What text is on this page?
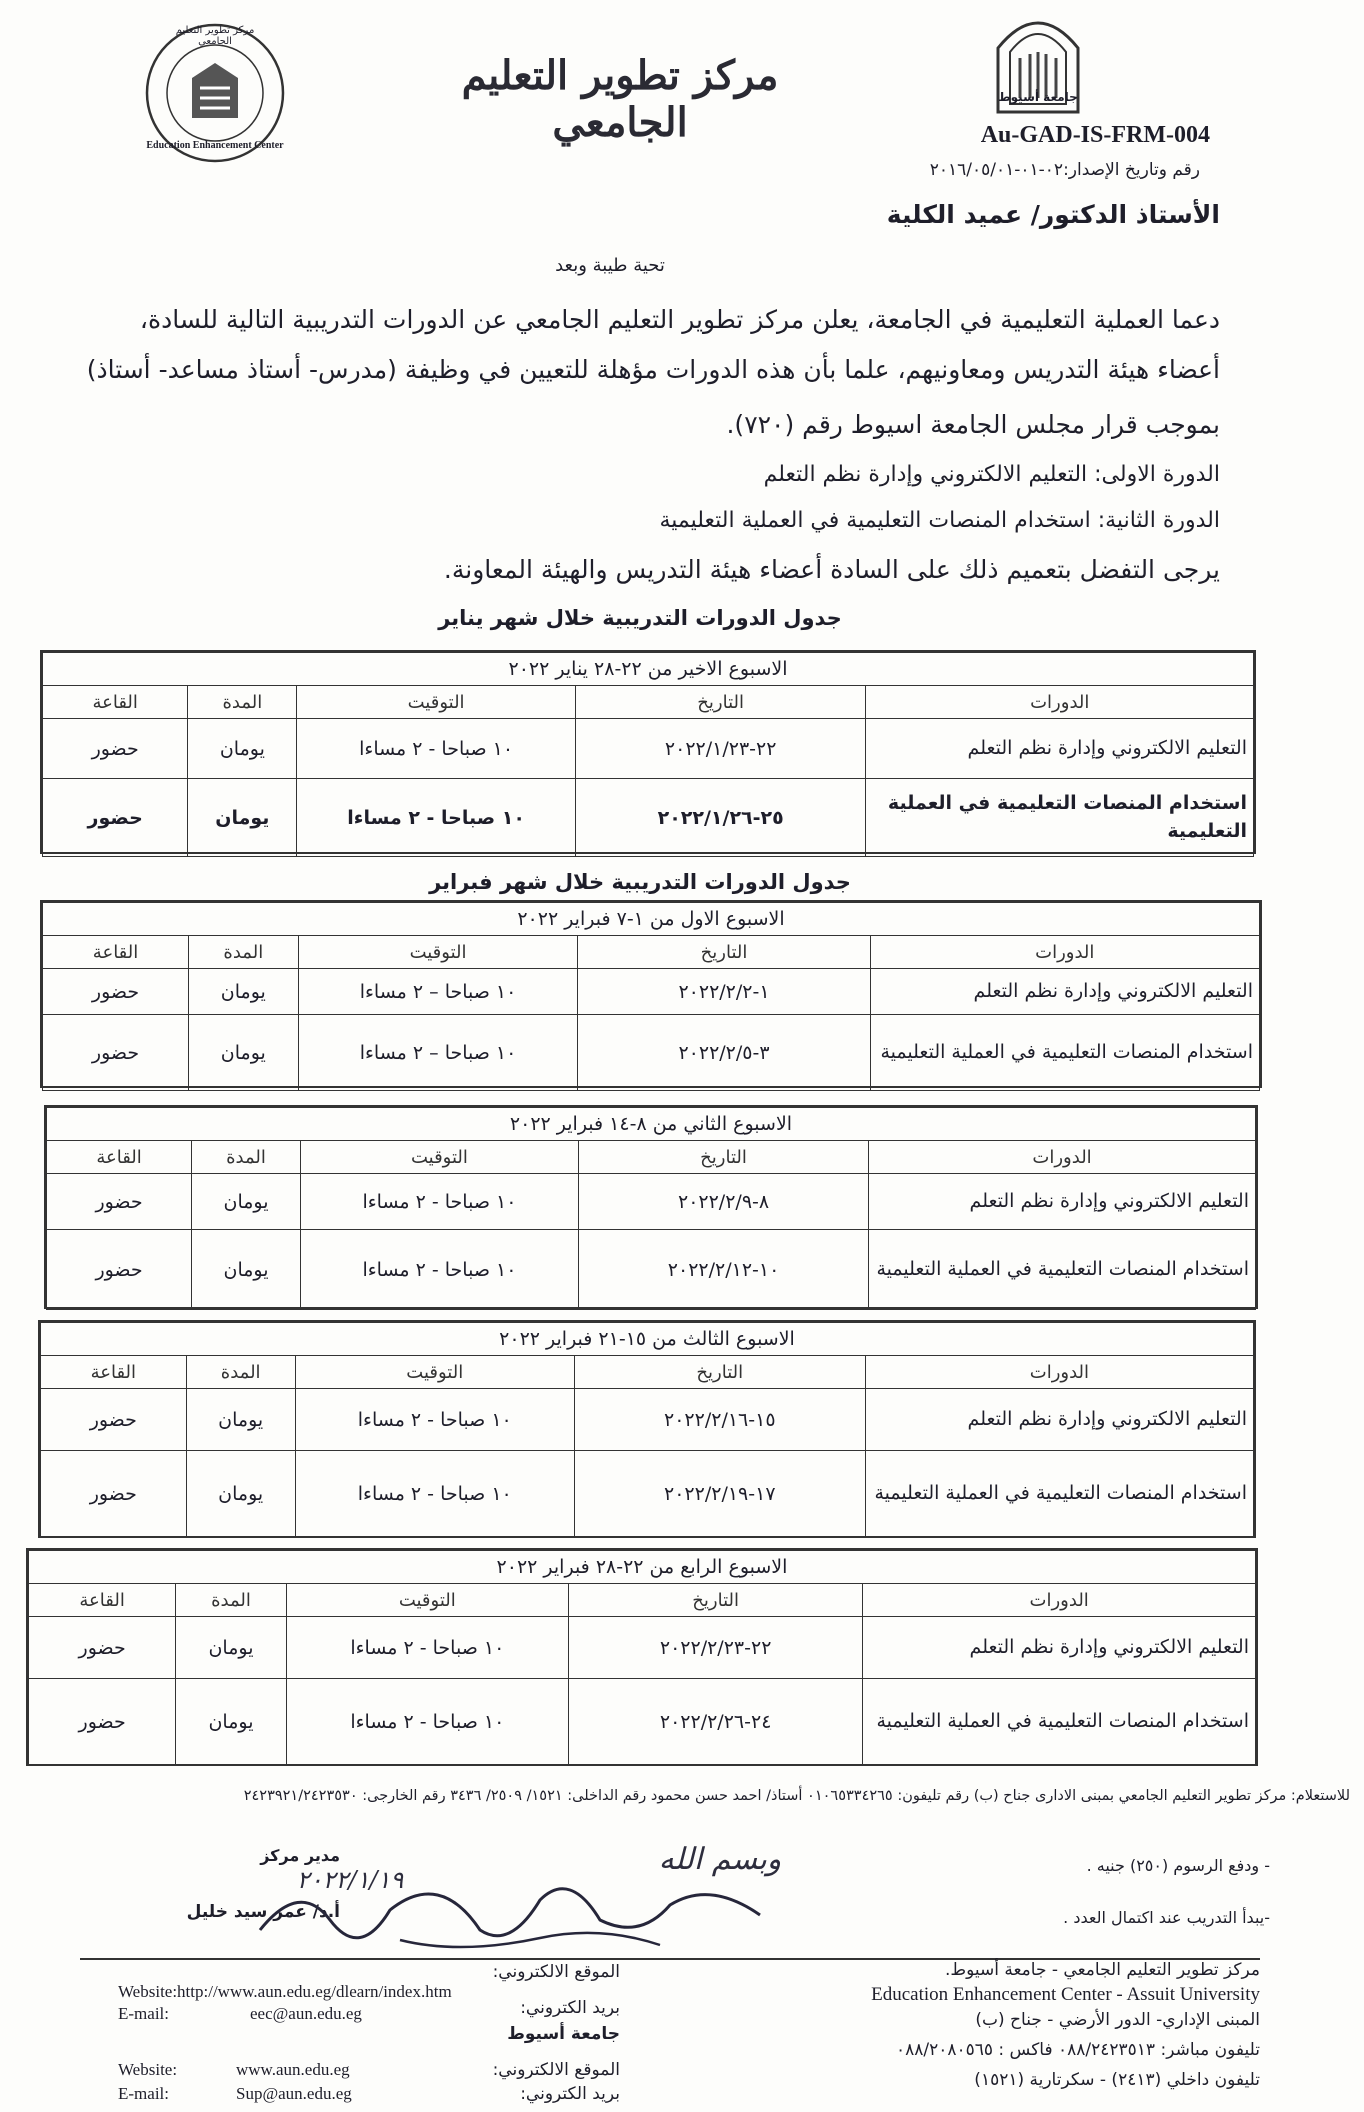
مركز تطوير التعليم الجامعي
Education Enhancement Center
جامعة أسيوط
مركز تطوير التعليم الجامعي	Au-GAD-IS-FRM-004
رقم وتاريخ الإصدار:٠٢-٠١-٢٠١٦/٠٥/٠١
الأستاذ الدكتور/ عميد الكلية
تحية طيبة وبعد
دعما العملية التعليمية في الجامعة، يعلن مركز تطوير التعليم الجامعي عن الدورات التدريبية التالية للسادة،
أعضاء هيئة التدريس ومعاونيهم، علما بأن هذه الدورات مؤهلة للتعيين في وظيفة (مدرس- أستاذ مساعد- أستاذ)
بموجب قرار مجلس الجامعة اسيوط رقم (٧٢٠).
الدورة الاولى: التعليم الالكتروني وإدارة نظم التعلم
الدورة الثانية: استخدام المنصات التعليمية في العملية التعليمية
يرجى التفضل بتعميم ذلك على السادة أعضاء هيئة التدريس والهيئة المعاونة.
جدول الدورات التدريبية خلال شهر يناير
الاسبوع الاخير من ٢٢-٢٨ يناير ٢٠٢٢				
الدورات	التاريخ	التوقيت	المدة	القاعة
التعليم الالكتروني وإدارة نظم التعلم	٢٢-٢٠٢٢/١/٢٣	١٠ صباحا - ٢ مساءا	يومان	حضور
استخدام المنصات التعليمية في العملية التعليمية	٢٥-٢٠٢٢/١/٢٦	١٠ صباحا - ٢ مساءا	يومان	حضور
جدول الدورات التدريبية خلال شهر فبراير
الاسبوع الاول من ١-٧ فبراير ٢٠٢٢				
الدورات	التاريخ	التوقيت	المدة	القاعة
التعليم الالكتروني وإدارة نظم التعلم	١-٢٠٢٢/٢/٢	١٠ صباحا – ٢ مساءا	يومان	حضور
استخدام المنصات التعليمية في العملية التعليمية	٣-٢٠٢٢/٢/٥	١٠ صباحا – ٢ مساءا	يومان	حضور
الاسبوع الثاني من ٨-١٤ فبراير ٢٠٢٢				
الدورات	التاريخ	التوقيت	المدة	القاعة
التعليم الالكتروني وإدارة نظم التعلم	٨-٢٠٢٢/٢/٩	١٠ صباحا - ٢ مساءا	يومان	حضور
استخدام المنصات التعليمية في العملية التعليمية	١٠-٢٠٢٢/٢/١٢	١٠ صباحا - ٢ مساءا	يومان	حضور
الاسبوع الثالث من ١٥-٢١ فبراير ٢٠٢٢				
الدورات	التاريخ	التوقيت	المدة	القاعة
التعليم الالكتروني وإدارة نظم التعلم	١٥-٢٠٢٢/٢/١٦	١٠ صباحا - ٢ مساءا	يومان	حضور
استخدام المنصات التعليمية في العملية التعليمية	١٧-٢٠٢٢/٢/١٩	١٠ صباحا - ٢ مساءا	يومان	حضور
الاسبوع الرابع من ٢٢-٢٨ فبراير ٢٠٢٢				
الدورات	التاريخ	التوقيت	المدة	القاعة
التعليم الالكتروني وإدارة نظم التعلم	٢٢-٢٠٢٢/٢/٢٣	١٠ صباحا - ٢ مساءا	يومان	حضور
استخدام المنصات التعليمية في العملية التعليمية	٢٤-٢٠٢٢/٢/٢٦	١٠ صباحا - ٢ مساءا	يومان	حضور
للاستعلام: مركز تطوير التعليم الجامعي بمبنى الادارى جناح (ب) رقم تليفون: ٠١٠٦٥٣٣٤٢٦٥ أستاذ/ احمد حسن محمود رقم الداخلى: ١٥٢١/ ٢٥٠٩/ ٣٤٣٦ رقم الخارجى: ٢٤٢٣٩٢١/٢٤٢٣٥٣٠
- ودفع الرسوم (٢٥٠) جنيه .
-يبدأ التدريب عند اكتمال العدد .
مدير مركز
أ.د/ عمر سيد خليل
وبسم الله
٢٠٢٢/١/١٩
Website:http://www.aun.edu.eg/dlearn/index.htm
الموقع الالكتروني:
E-mail:	eec@aun.edu.eg	بريد الكتروني:
جامعة أسيوط
Website:	www.aun.edu.eg	الموقع الالكتروني:
E-mail:	Sup@aun.edu.eg	بريد الكتروني:
مركز تطوير التعليم الجامعي - جامعة أسيوط.
Education Enhancement Center - Assuit University
المبنى الإداري- الدور الأرضي - جناح (ب)
تليفون مباشر: ٠٨٨/٢٤٢٣٥١٣ فاكس : ٠٨٨/٢٠٨٠٥٦٥
تليفون داخلي (٢٤١٣) - سكرتارية (١٥٢١)
